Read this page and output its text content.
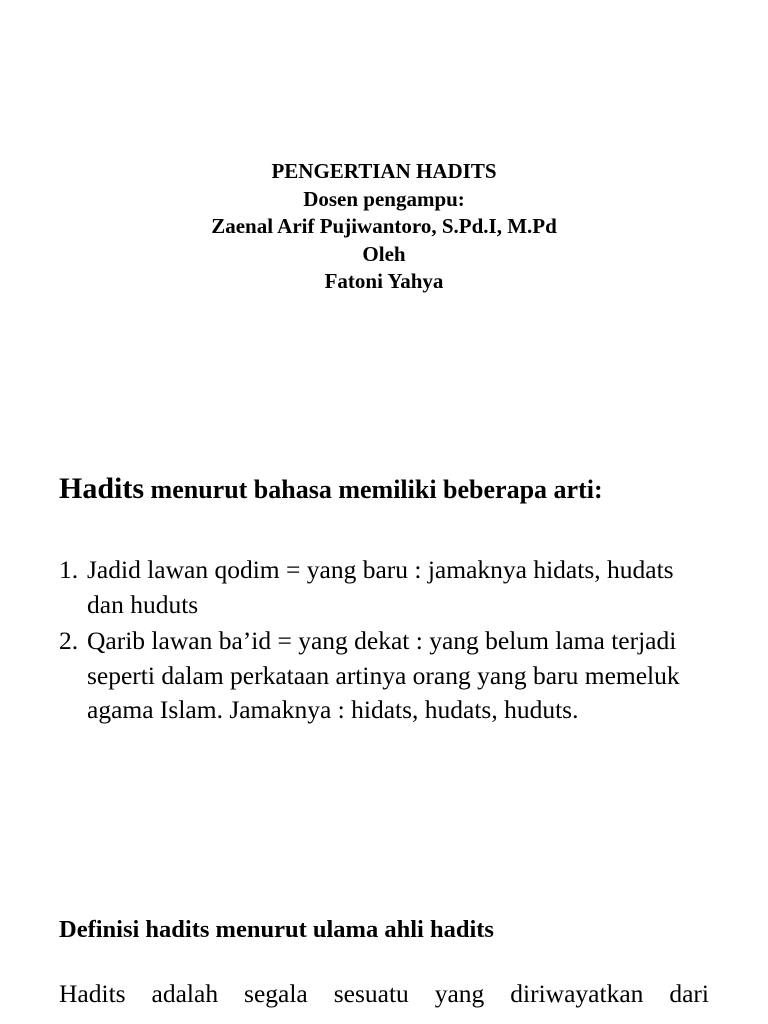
PENGERTIAN HADITS
Dosen pengampu:
Zaenal Arif Pujiwantoro, S.Pd.I, M.Pd
Oleh
Fatoni Yahya
Hadits menurut bahasa memiliki beberapa arti:
1. Jadid lawan qodim = yang baru : jamaknya hidats, hudats dan huduts
2. Qarib lawan ba’id = yang dekat : yang belum lama terjadi seperti dalam perkataan artinya orang yang baru memeluk agama Islam. Jamaknya : hidats, hudats, huduts.
Definisi hadits menurut ulama ahli hadits
Hadits adalah segala sesuatu yang diriwayatkan dari
